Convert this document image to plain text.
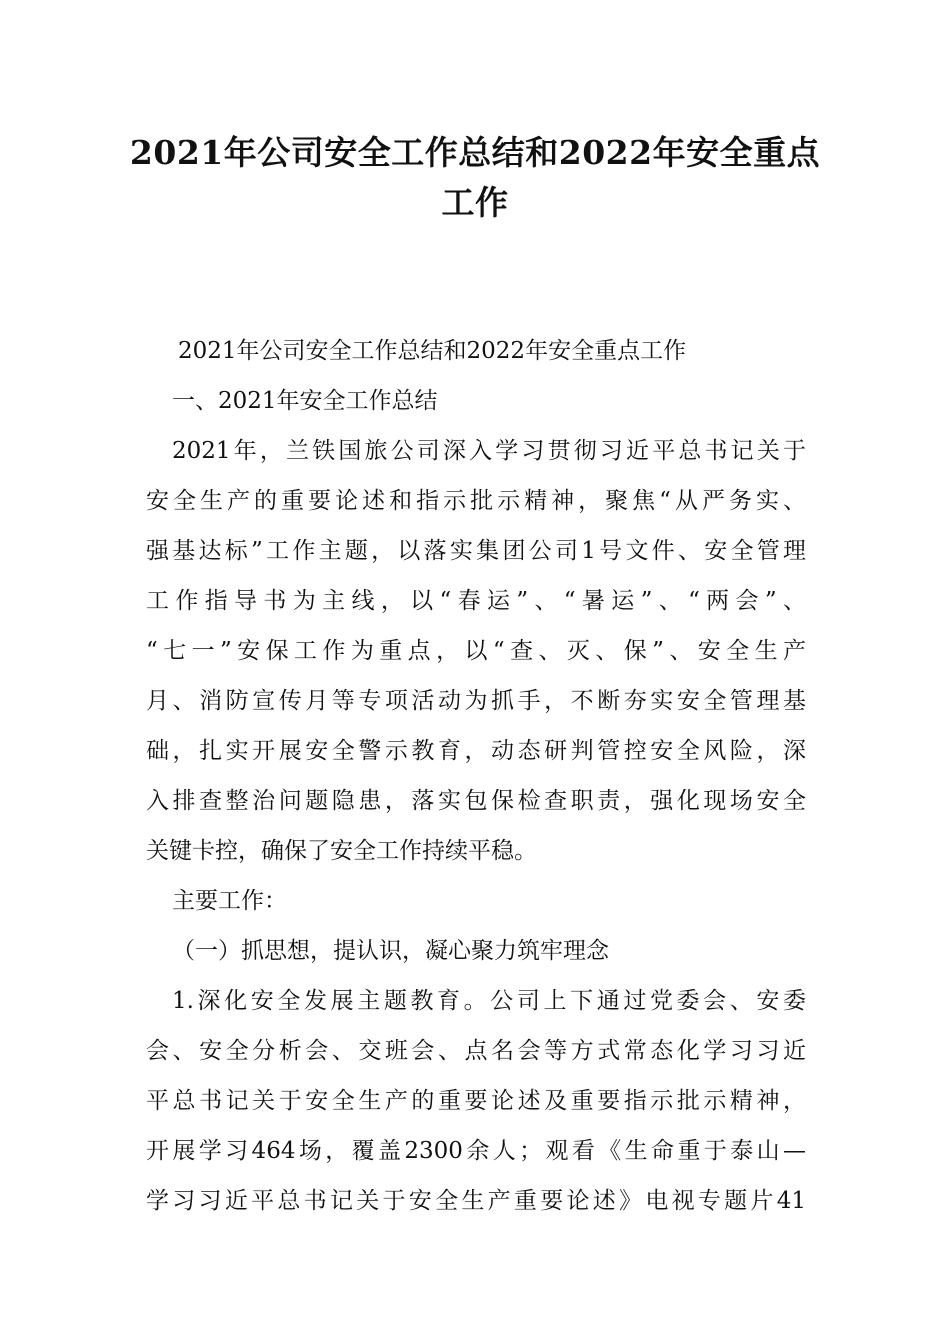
2021年公司安全工作总结和2022年安全重点工作
2021年公司安全工作总结和2022年安全重点工作
一、2021年安全工作总结
2021年，兰铁国旅公司深入学习贯彻习近平总书记关于
安全生产的重要论述和指示批示精神，聚焦“从严务实、
强基达标”工作主题，以落实集团公司1号文件、安全管理
工作指导书为主线，以“春运”、“暑运”、“两会”、
“七一”安保工作为重点，以“查、灭、保”、安全生产
月、消防宣传月等专项活动为抓手，不断夯实安全管理基
础，扎实开展安全警示教育，动态研判管控安全风险，深
入排查整治问题隐患，落实包保检查职责，强化现场安全
关键卡控，确保了安全工作持续平稳。
主要工作：
（一）抓思想，提认识，凝心聚力筑牢理念
1.深化安全发展主题教育。公司上下通过党委会、安委
会、安全分析会、交班会、点名会等方式常态化学习习近
平总书记关于安全生产的重要论述及重要指示批示精神，
开展学习464场，覆盖2300余人；观看《生命重于泰山—
学习习近平总书记关于安全生产重要论述》电视专题片41
